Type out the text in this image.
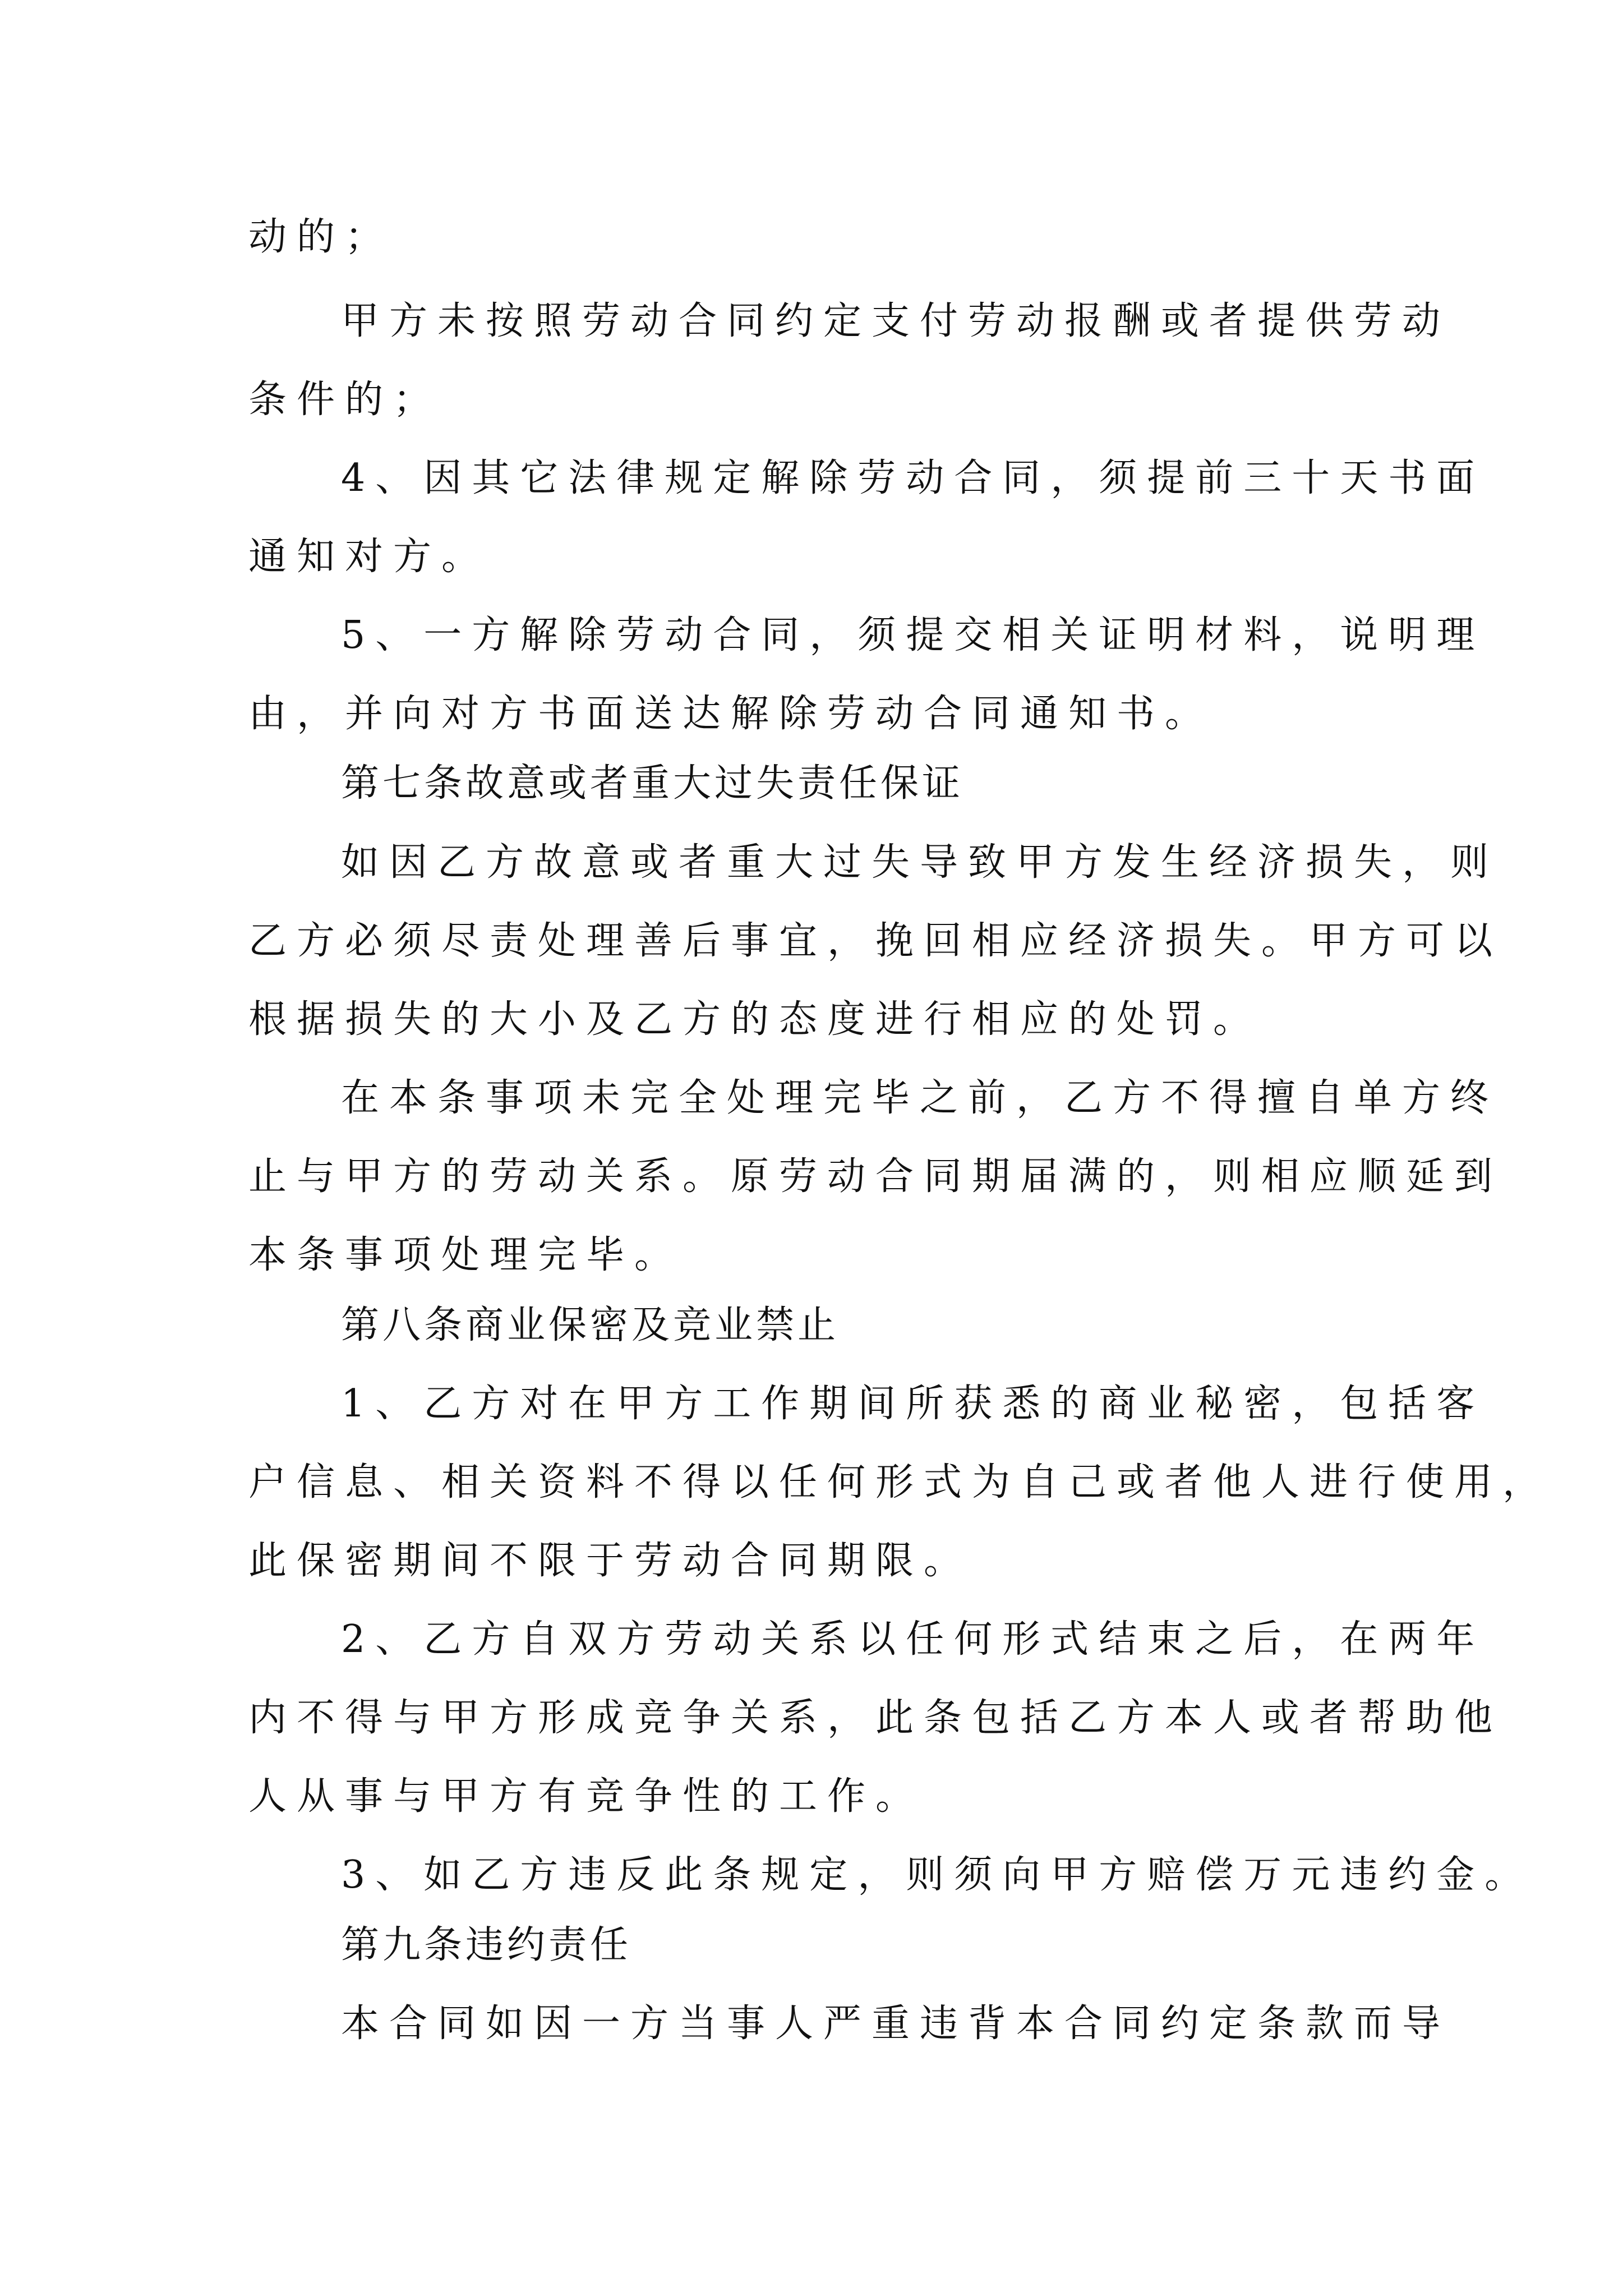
动的；

甲方未按照劳动合同约定支付劳动报酬或者提供劳动

条件的；

4、因其它法律规定解除劳动合同，须提前三十天书面

通知对方。

5、一方解除劳动合同，须提交相关证明材料，说明理

由，并向对方书面送达解除劳动合同通知书。

第七条故意或者重大过失责任保证

如因乙方故意或者重大过失导致甲方发生经济损失，则

乙方必须尽责处理善后事宜，挽回相应经济损失。甲方可以

根据损失的大小及乙方的态度进行相应的处罚。

在本条事项未完全处理完毕之前，乙方不得擅自单方终

止与甲方的劳动关系。原劳动合同期届满的，则相应顺延到

本条事项处理完毕。

第八条商业保密及竞业禁止

1、乙方对在甲方工作期间所获悉的商业秘密，包括客

户信息、相关资料不得以任何形式为自己或者他人进行使用，

此保密期间不限于劳动合同期限。

2、乙方自双方劳动关系以任何形式结束之后，在两年

内不得与甲方形成竞争关系，此条包括乙方本人或者帮助他

人从事与甲方有竞争性的工作。

3、如乙方违反此条规定，则须向甲方赔偿万元违约金。

第九条违约责任

本合同如因一方当事人严重违背本合同约定条款而导
